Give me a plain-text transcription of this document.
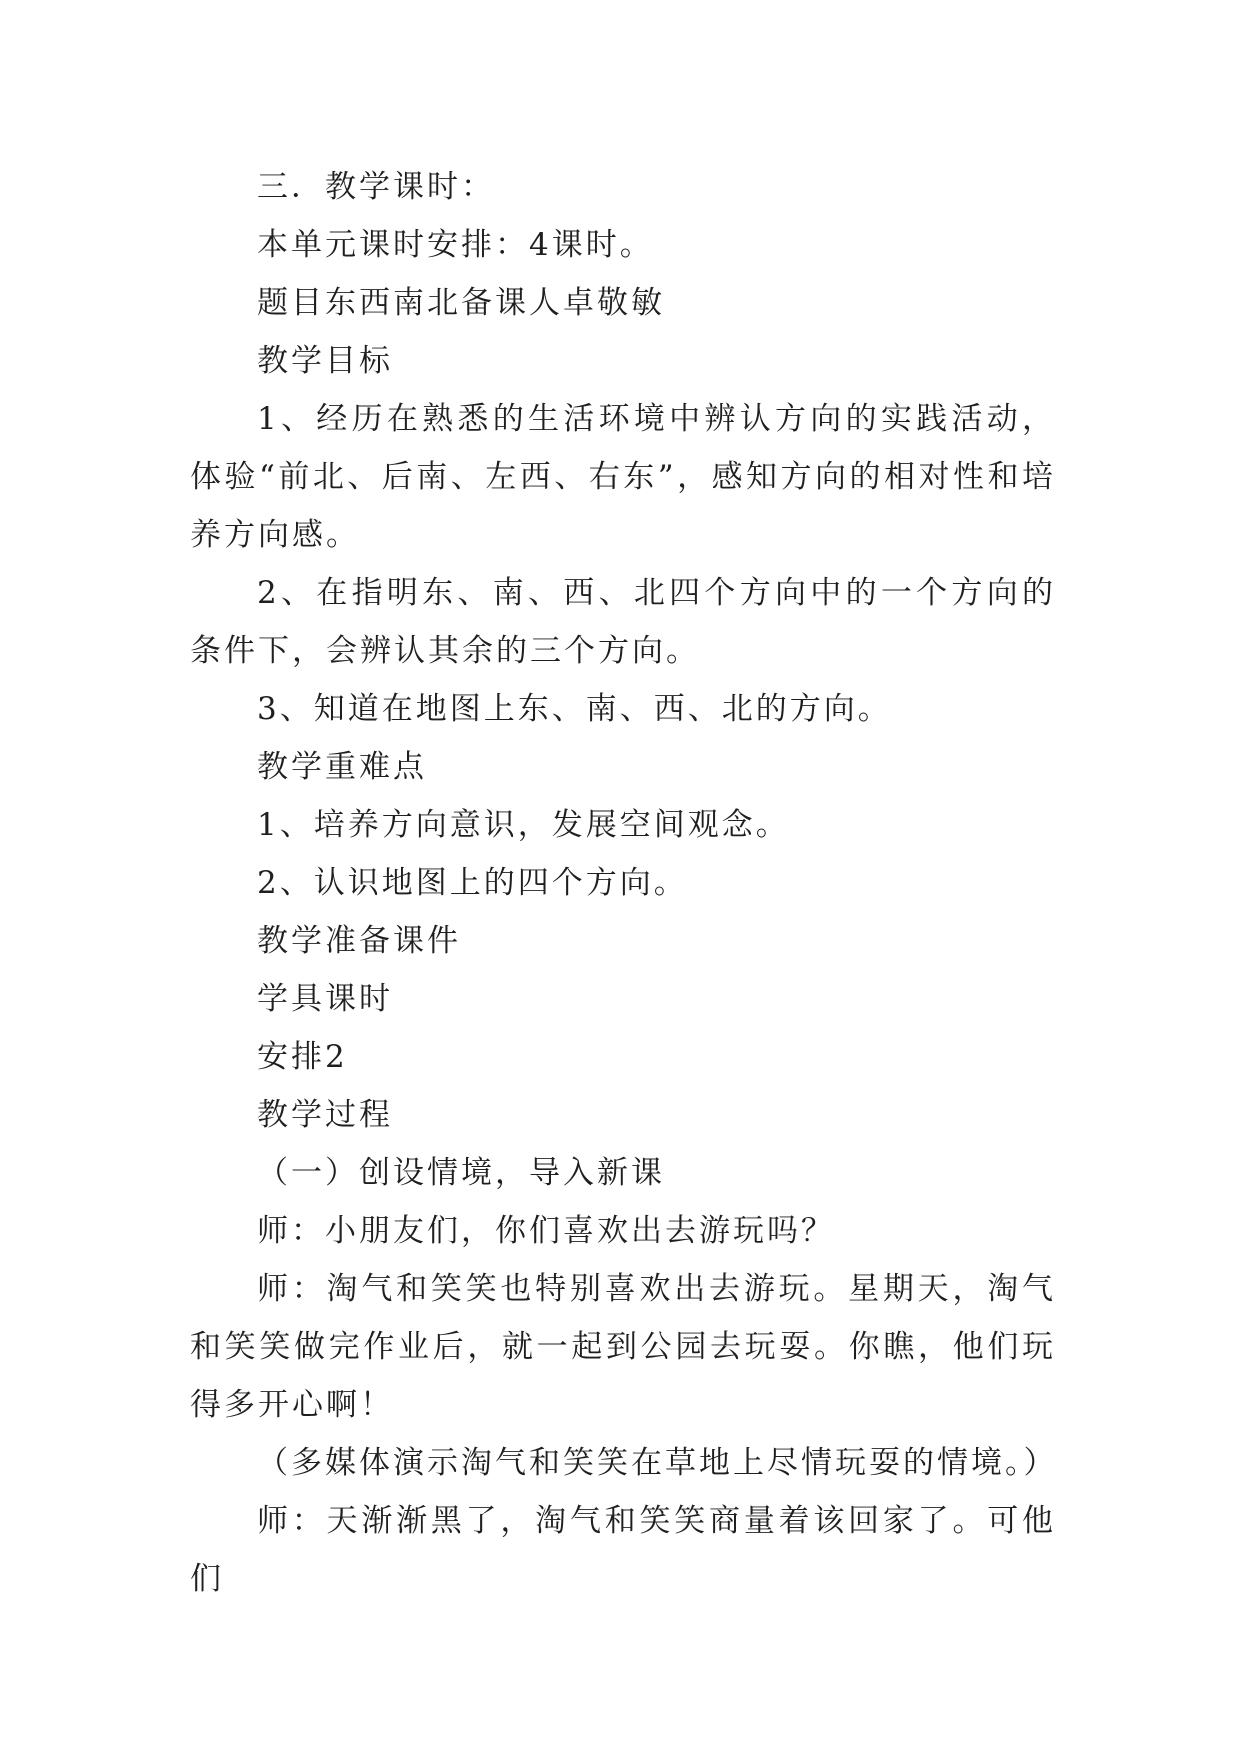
三．教学课时：

本单元课时安排：4课时。

题目东西南北备课人卓敬敏

教学目标

1、经历在熟悉的生活环境中辨认方向的实践活动，体验“前北、后南、左西、右东”，感知方向的相对性和培养方向感。

2、在指明东、南、西、北四个方向中的一个方向的条件下，会辨认其余的三个方向。

3、知道在地图上东、南、西、北的方向。

教学重难点

1、培养方向意识，发展空间观念。

2、认识地图上的四个方向。

教学准备课件

学具课时

安排2

教学过程

（一）创设情境，导入新课

师：小朋友们，你们喜欢出去游玩吗？

师：淘气和笑笑也特别喜欢出去游玩。星期天，淘气和笑笑做完作业后，就一起到公园去玩耍。你瞧，他们玩得多开心啊！

（多媒体演示淘气和笑笑在草地上尽情玩耍的情境。）

师：天渐渐黑了，淘气和笑笑商量着该回家了。可他们
